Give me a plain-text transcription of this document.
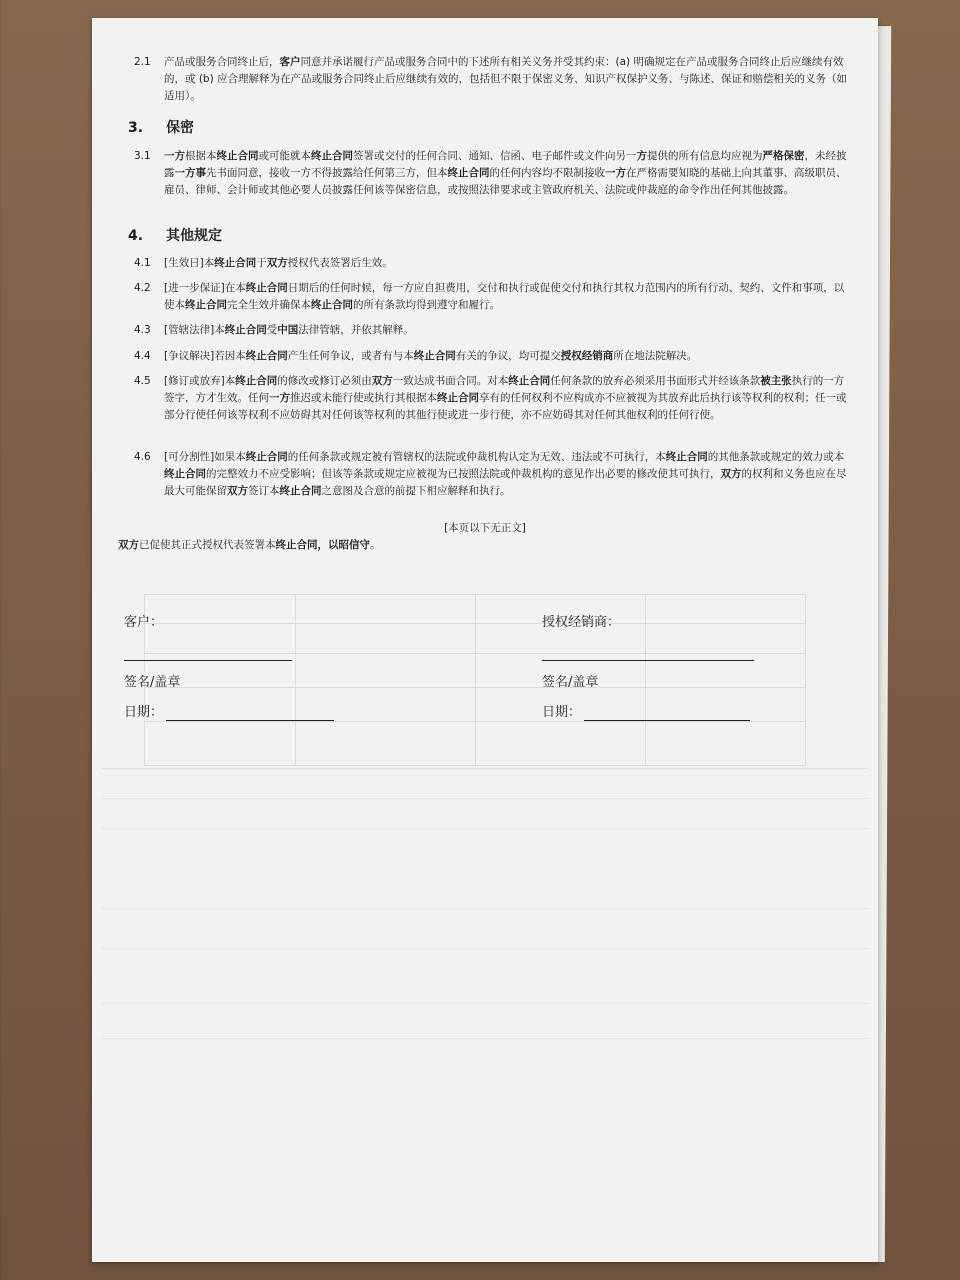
2.1	产品或服务合同终止后，客户同意并承诺履行产品或服务合同中的下述所有相关义务并受其约束：(a) 明确规定在产品或服务合同终止后应继续有效的，或 (b) 应合理解释为在产品或服务合同终止后应继续有效的，包括但不限于保密义务、知识产权保护义务、与陈述、保证和赔偿相关的义务（如适用）。
3. 保密
3.1	一方根据本终止合同或可能就本终止合同签署或交付的任何合同、通知、信函、电子邮件或文件向另一方提供的所有信息均应视为严格保密，未经披露一方事先书面同意，接收一方不得披露给任何第三方，但本终止合同的任何内容均不限制接收一方在严格需要知晓的基础上向其董事、高级职员、雇员、律师、会计师或其他必要人员披露任何该等保密信息，或按照法律要求或主管政府机关、法院或仲裁庭的命令作出任何其他披露。
4. 其他规定
4.1	[生效日]本终止合同于双方授权代表签署后生效。
4.2	[进一步保证]在本终止合同日期后的任何时候，每一方应自担费用，交付和执行或促使交付和执行其权力范围内的所有行动、契约、文件和事项，以使本终止合同完全生效并确保本终止合同的所有条款均得到遵守和履行。
4.3	[管辖法律]本终止合同受中国法律管辖，并依其解释。
4.4	[争议解决]若因本终止合同产生任何争议，或者有与本终止合同有关的争议，均可提交授权经销商所在地法院解决。
4.5	[修订或放弃]本终止合同的修改或修订必须由双方一致达成书面合同。对本终止合同任何条款的放弃必须采用书面形式并经该条款被主张执行的一方签字，方才生效。任何一方推迟或未能行使或执行其根据本终止合同享有的任何权利不应构成亦不应被视为其放弃此后执行该等权利的权利；任一或部分行使任何该等权利不应妨碍其对任何该等权利的其他行使或进一步行使，亦不应妨碍其对任何其他权利的任何行使。
4.6	[可分割性]如果本终止合同的任何条款或规定被有管辖权的法院或仲裁机构认定为无效、违法或不可执行，本终止合同的其他条款或规定的效力或本终止合同的完整效力不应受影响；但该等条款或规定应被视为已按照法院或仲裁机构的意见作出必要的修改使其可执行，双方的权利和义务也应在尽最大可能保留双方签订本终止合同之意图及合意的前提下相应解释和执行。
[本页以下无正文]
双方已促使其正式授权代表签署本终止合同，以昭信守。
客户：
签名/盖章
日期：
授权经销商：
签名/盖章
日期：
